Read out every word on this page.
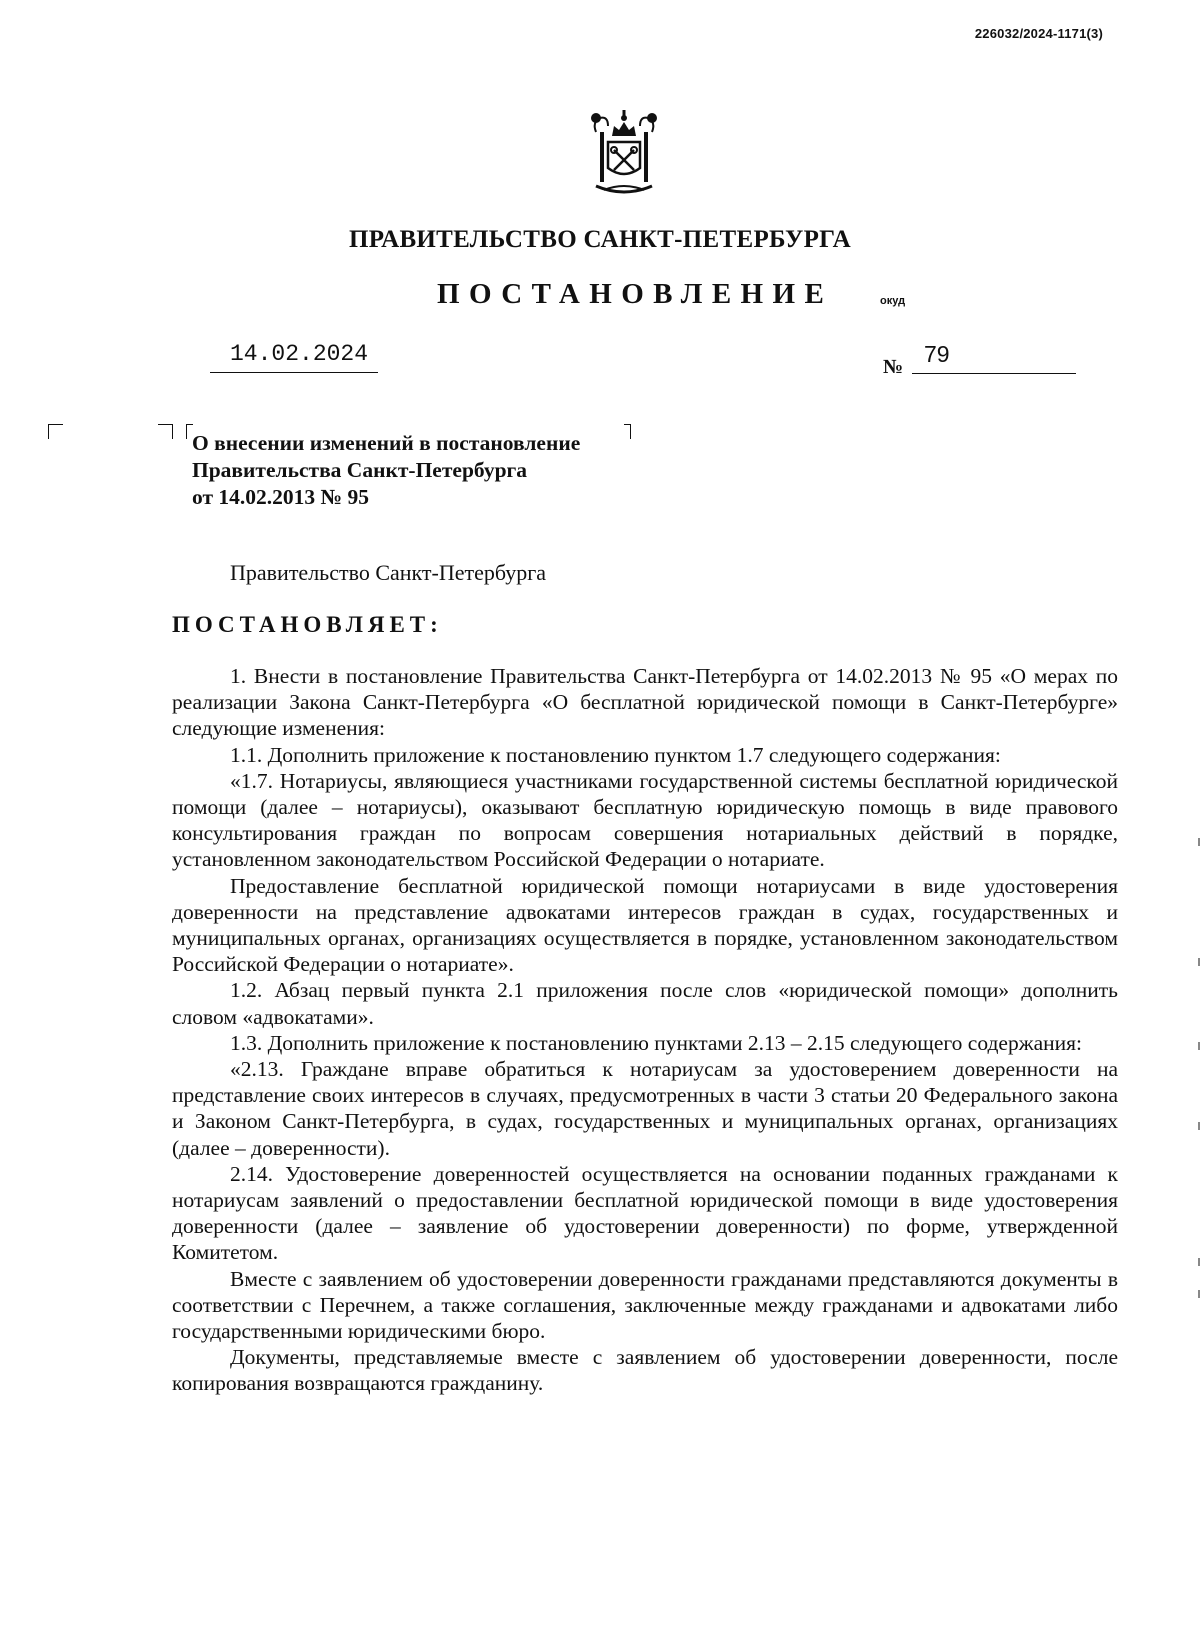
226032/2024-1171(3)
ПРАВИТЕЛЬСТВО САНКТ-ПЕТЕРБУРГА
ПОСТАНОВЛЕНИЕ	окуд
14.02.2024	№ 79
О внесении изменений в постановление
Правительства Санкт-Петербурга
от 14.02.2013 № 95
Правительство Санкт-Петербурга
ПОСТАНОВЛЯЕТ:

1. Внести в постановление Правительства Санкт-Петербурга от 14.02.2013 № 95 «О мерах по реализации Закона Санкт-Петербурга «О бесплатной юридической помощи в Санкт-Петербурге» следующие изменения:

1.1. Дополнить приложение к постановлению пунктом 1.7 следующего содержания:

«1.7. Нотариусы, являющиеся участниками государственной системы бесплатной юридической помощи (далее – нотариусы), оказывают бесплатную юридическую помощь в виде правового консультирования граждан по вопросам совершения нотариальных действий в порядке, установленном законодательством Российской Федерации о нотариате.

Предоставление бесплатной юридической помощи нотариусами в виде удостоверения доверенности на представление адвокатами интересов граждан в судах, государственных и муниципальных органах, организациях осуществляется в порядке, установленном законодательством Российской Федерации о нотариате».

1.2. Абзац первый пункта 2.1 приложения после слов «юридической помощи» дополнить словом «адвокатами».

1.3. Дополнить приложение к постановлению пунктами 2.13 – 2.15 следующего содержания:

«2.13. Граждане вправе обратиться к нотариусам за удостоверением доверенности на представление своих интересов в случаях, предусмотренных в части 3 статьи 20 Федерального закона и Законом Санкт-Петербурга, в судах, государственных и муниципальных органах, организациях (далее – доверенности).

2.14. Удостоверение доверенностей осуществляется на основании поданных гражданами к нотариусам заявлений о предоставлении бесплатной юридической помощи в виде удостоверения доверенности (далее – заявление об удостоверении доверенности) по форме, утвержденной Комитетом.

Вместе с заявлением об удостоверении доверенности гражданами представляются документы в соответствии с Перечнем, а также соглашения, заключенные между гражданами и адвокатами либо государственными юридическими бюро.

Документы, представляемые вместе с заявлением об удостоверении доверенности, после копирования возвращаются гражданину.
